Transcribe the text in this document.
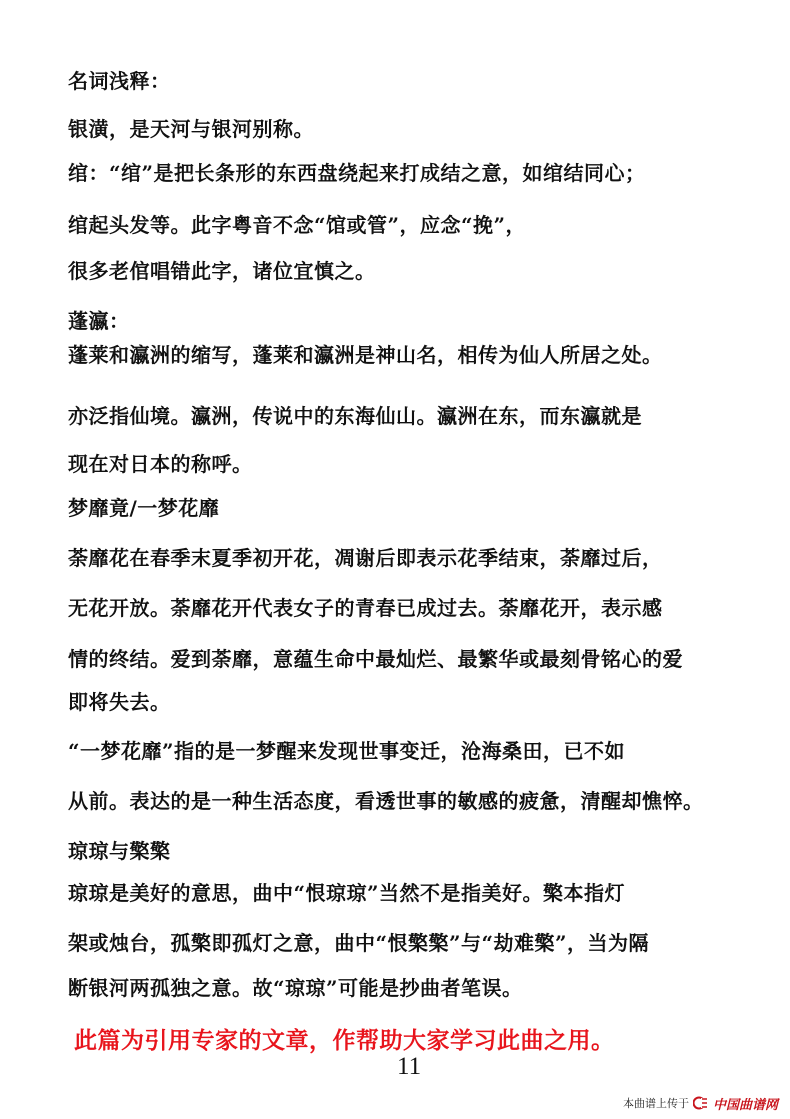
名词浅释：
银潢，是天河与银河别称。
绾：“绾”是把长条形的东西盘绕起来打成结之意，如绾结同心；
绾起头发等。此字粤音不念“馆或管”，应念“挽”，
很多老倌唱错此字，诸位宜慎之。
蓬瀛：
蓬莱和瀛洲的缩写，蓬莱和瀛洲是神山名，相传为仙人所居之处。
亦泛指仙境。瀛洲，传说中的东海仙山。瀛洲在东，而东瀛就是
现在对日本的称呼。
梦靡竟/一梦花靡
荼靡花在春季末夏季初开花，凋谢后即表示花季结束，荼靡过后，
无花开放。荼靡花开代表女子的青春已成过去。荼靡花开，表示感
情的终结。爱到荼靡，意蕴生命中最灿烂、最繁华或最刻骨铭心的爱
即将失去。
“一梦花靡”指的是一梦醒来发现世事变迁，沧海桑田，已不如
从前。表达的是一种生活态度，看透世事的敏感的疲惫，清醒却憔悴。
琼琼与檠檠
琼琼是美好的意思，曲中“恨琼琼”当然不是指美好。檠本指灯
架或烛台，孤檠即孤灯之意，曲中“恨檠檠”与“劫难檠”，当为隔
断银河两孤独之意。故“琼琼”可能是抄曲者笔误。
此篇为引用专家的文章，作帮助大家学习此曲之用。
11
本曲谱上传于 中国曲谱网
